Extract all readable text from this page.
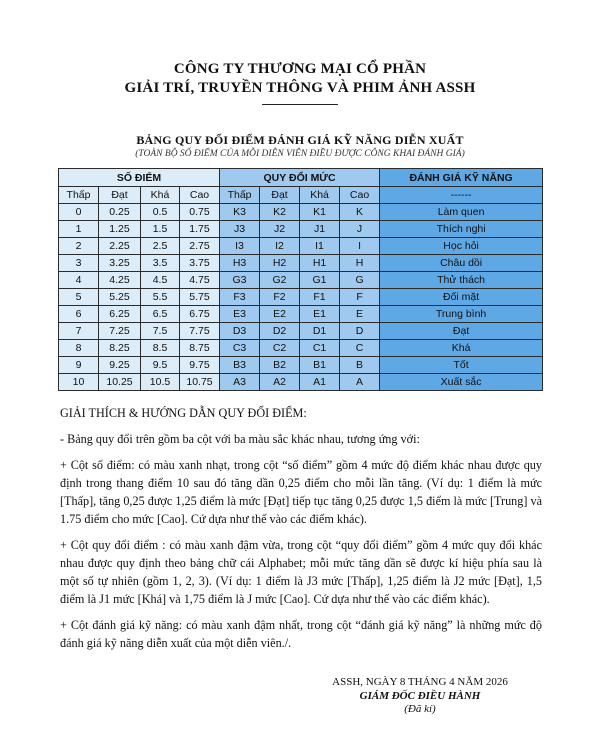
CÔNG TY THƯƠNG MẠI CỔ PHẦN
GIẢI TRÍ, TRUYỀN THÔNG VÀ PHIM ẢNH ASSH
BẢNG QUY ĐỔI ĐIỂM ĐÁNH GIÁ KỸ NĂNG DIỄN XUẤT
(TOÀN BỘ SỐ ĐIỂM CỦA MỖI DIỄN VIÊN ĐIỀU ĐƯỢC CÔNG KHAI ĐÁNH GIÁ)
SỐ ĐIỂM				QUY ĐỔI MỨC				ĐÁNH GIÁ KỸ NĂNG
Thấp	Đạt	Khá	Cao	Thấp	Đạt	Khá	Cao	------
0	0.25	0.5	0.75	K3	K2	K1	K	Làm quen
1	1.25	1.5	1.75	J3	J2	J1	J	Thích nghi
2	2.25	2.5	2.75	I3	I2	I1	I	Học hỏi
3	3.25	3.5	3.75	H3	H2	H1	H	Châu dồi
4	4.25	4.5	4.75	G3	G2	G1	G	Thử thách
5	5.25	5.5	5.75	F3	F2	F1	F	Đối mặt
6	6.25	6.5	6.75	E3	E2	E1	E	Trung bình
7	7.25	7.5	7.75	D3	D2	D1	D	Đạt
8	8.25	8.5	8.75	C3	C2	C1	C	Khá
9	9.25	9.5	9.75	B3	B2	B1	B	Tốt
10	10.25	10.5	10.75	A3	A2	A1	A	Xuất sắc

GIẢI THÍCH & HƯỚNG DẪN QUY ĐỔI ĐIỂM:

- Bảng quy đổi trên gồm ba cột với ba màu sắc khác nhau, tương ứng với:

+ Cột số điểm: có màu xanh nhạt, trong cột “số điểm” gồm 4 mức độ điểm khác nhau được quy định trong thang điểm 10 sau đó tăng dần 0,25 điểm cho mỗi lần tăng. (Ví dụ: 1 điểm là mức [Thấp], tăng 0,25 được 1,25 điểm là mức [Đạt] tiếp tục tăng 0,25 được 1,5 điểm là mức [Trung] và 1.75 điểm cho mức [Cao]. Cứ dựa như thế vào các điểm khác).

+ Cột quy đổi điểm : có màu xanh đậm vừa, trong cột “quy đổi điểm” gồm 4 mức quy đổi khác nhau được quy định theo bảng chữ cái Alphabet; mỗi mức tăng dần sẽ được kí hiệu phía sau là một số tự nhiên (gồm 1, 2, 3). (Ví dụ: 1 điểm là J3 mức [Thấp], 1,25 điểm là J2 mức [Đạt], 1,5 điểm là J1 mức [Khá] và 1,75 điểm là J mức [Cao]. Cứ dựa như thế vào các điểm khác).

+ Cột đánh giá kỹ năng: có màu xanh đậm nhất, trong cột “đánh giá kỹ năng” là những mức độ đánh giá kỹ năng diễn xuất của một diễn viên./.

ASSH, NGÀY 8 THÁNG 4 NĂM 2026
GIÁM ĐỐC ĐIỀU HÀNH
(Đã kí)
